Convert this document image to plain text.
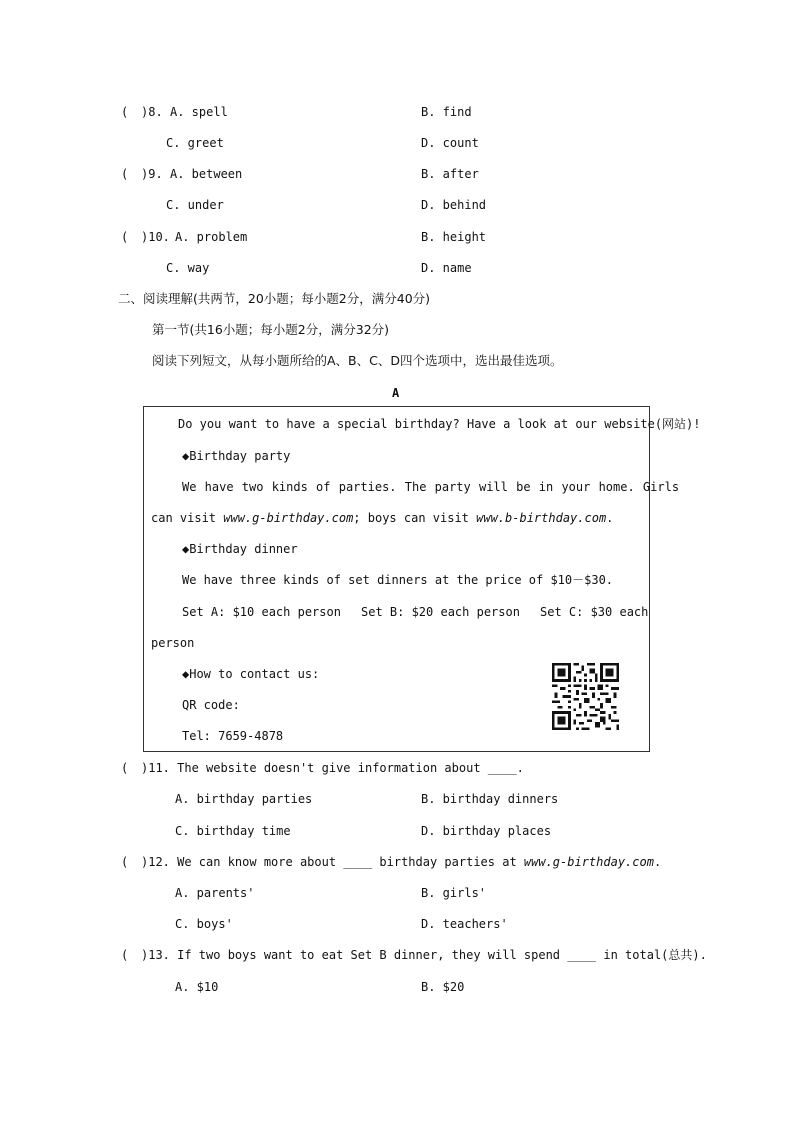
( )8. A. spell	B. find
C. greet	D. count
( )9. A. between	B. after
C. under	D. behind
( )10. A. problem	B. height
C. way	D. name
二、阅读理解(共两节，20小题；每小题2分，满分40分)
第一节(共16小题；每小题2分，满分32分)
阅读下列短文，从每小题所给的A、B、C、D四个选项中，选出最佳选项。
A
Do you want to have a special birthday? Have a look at our website(网站)!
◆Birthday party
We have two kinds of parties. The party will be in your home. Girls
can visit www.g-birthday.com; boys can visit www.b-birthday.com.
◆Birthday dinner
We have three kinds of set dinners at the price of $10－$30.
Set A: $10 each person Set B: $20 each person Set C: $30 each
person
◆How to contact us:
QR code:
Tel: 7659-4878
( )11. The website doesn't give information about ____.
A. birthday parties	B. birthday dinners
C. birthday time	D. birthday places
( )12. We can know more about ____ birthday parties at www.g-birthday.com.
A. parents'	B. girls'
C. boys'	D. teachers'
( )13. If two boys want to eat Set B dinner, they will spend ____ in total(总共).
A. $10	B. $20
